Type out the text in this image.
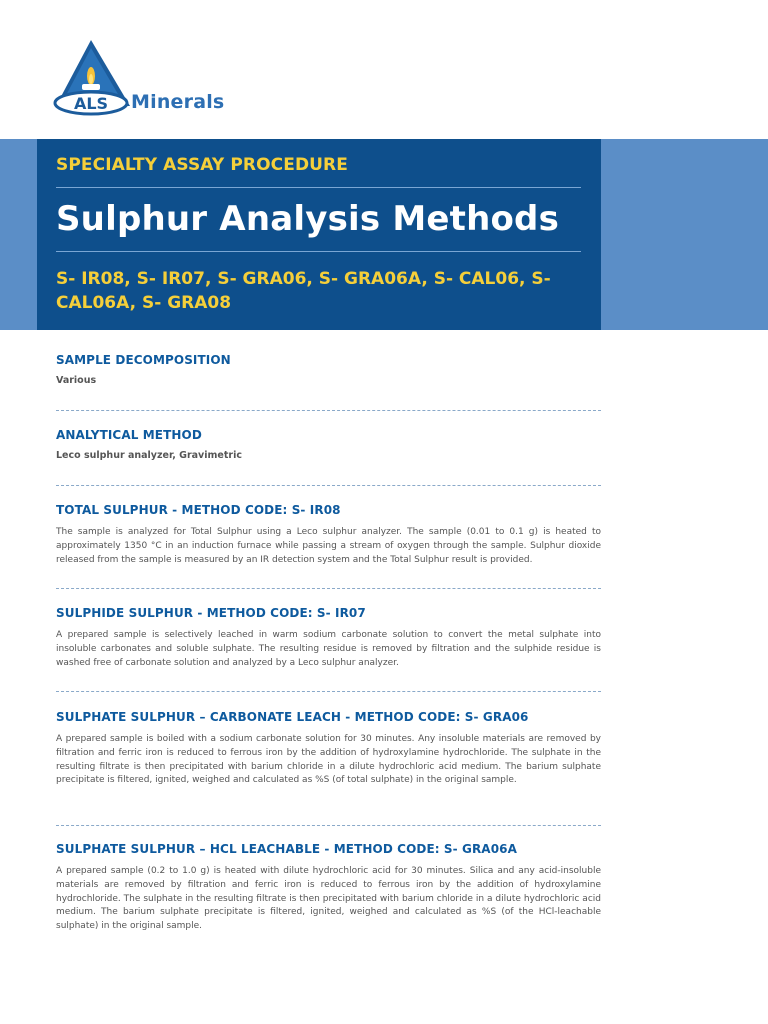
ALS Minerals
SPECIALTY ASSAY PROCEDURE
Sulphur Analysis Methods
S- IR08, S- IR07, S- GRA06, S- GRA06A, S- CAL06, S- CAL06A, S- GRA08
SAMPLE DECOMPOSITION
Various
ANALYTICAL METHOD
Leco sulphur analyzer, Gravimetric
TOTAL SULPHUR - METHOD CODE: S- IR08
The sample is analyzed for Total Sulphur using a Leco sulphur analyzer. The sample (0.01 to 0.1 g) is heated to approximately 1350 °C in an induction furnace while passing a stream of oxygen through the sample. Sulphur dioxide released from the sample is measured by an IR detection system and the Total Sulphur result is provided.
SULPHIDE SULPHUR - METHOD CODE: S- IR07
A prepared sample is selectively leached in warm sodium carbonate solution to convert the metal sulphate into insoluble carbonates and soluble sulphate. The resulting residue is removed by filtration and the sulphide residue is washed free of carbonate solution and analyzed by a Leco sulphur analyzer.
SULPHATE SULPHUR – CARBONATE LEACH - METHOD CODE: S- GRA06
A prepared sample is boiled with a sodium carbonate solution for 30 minutes. Any insoluble materials are removed by filtration and ferric iron is reduced to ferrous iron by the addition of hydroxylamine hydrochloride. The sulphate in the resulting filtrate is then precipitated with barium chloride in a dilute hydrochloric acid medium. The barium sulphate precipitate is filtered, ignited, weighed and calculated as %S (of total sulphate) in the original sample.
SULPHATE SULPHUR – HCL LEACHABLE - METHOD CODE: S- GRA06A
A prepared sample (0.2 to 1.0 g) is heated with dilute hydrochloric acid for 30 minutes. Silica and any acid-insoluble materials are removed by filtration and ferric iron is reduced to ferrous iron by the addition of hydroxylamine hydrochloride. The sulphate in the resulting filtrate is then precipitated with barium chloride in a dilute hydrochloric acid medium. The barium sulphate precipitate is filtered, ignited, weighed and calculated as %S (of the HCl-leachable sulphate) in the original sample.
